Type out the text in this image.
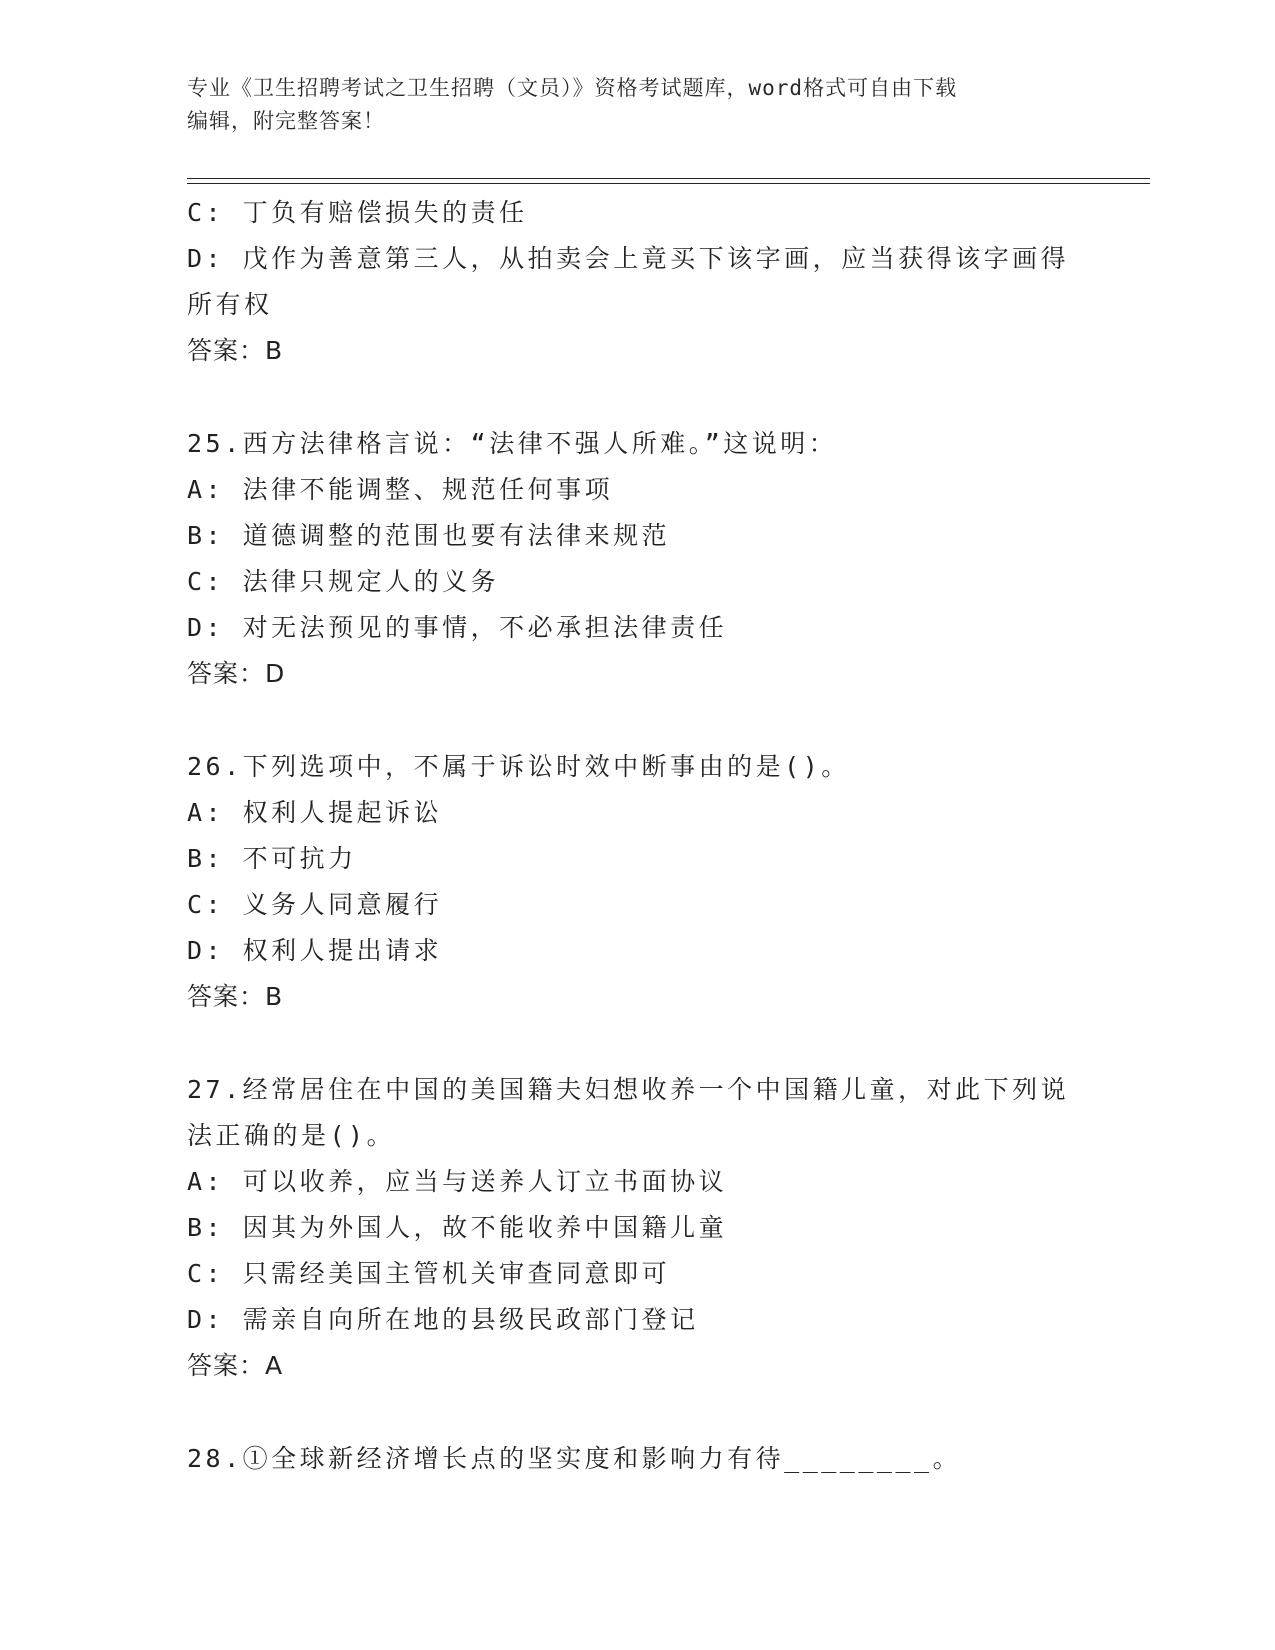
专业《卫生招聘考试之卫生招聘（文员）》资格考试题库，word格式可自由下载
编辑，附完整答案！
C: 丁负有赔偿损失的责任
D: 戊作为善意第三人，从拍卖会上竟买下该字画，应当获得该字画得
所有权
答案：B
25.西方法律格言说：“法律不强人所难。”这说明：
A: 法律不能调整、规范任何事项
B: 道德调整的范围也要有法律来规范
C: 法律只规定人的义务
D: 对无法预见的事情，不必承担法律责任
答案：D
26.下列选项中，不属于诉讼时效中断事由的是()。
A: 权利人提起诉讼
B: 不可抗力
C: 义务人同意履行
D: 权利人提出请求
答案：B
27.经常居住在中国的美国籍夫妇想收养一个中国籍儿童，对此下列说
法正确的是()。
A: 可以收养，应当与送养人订立书面协议
B: 因其为外国人，故不能收养中国籍儿童
C: 只需经美国主管机关审查同意即可
D: 需亲自向所在地的县级民政部门登记
答案：A
28.①全球新经济增长点的坚实度和影响力有待________。
